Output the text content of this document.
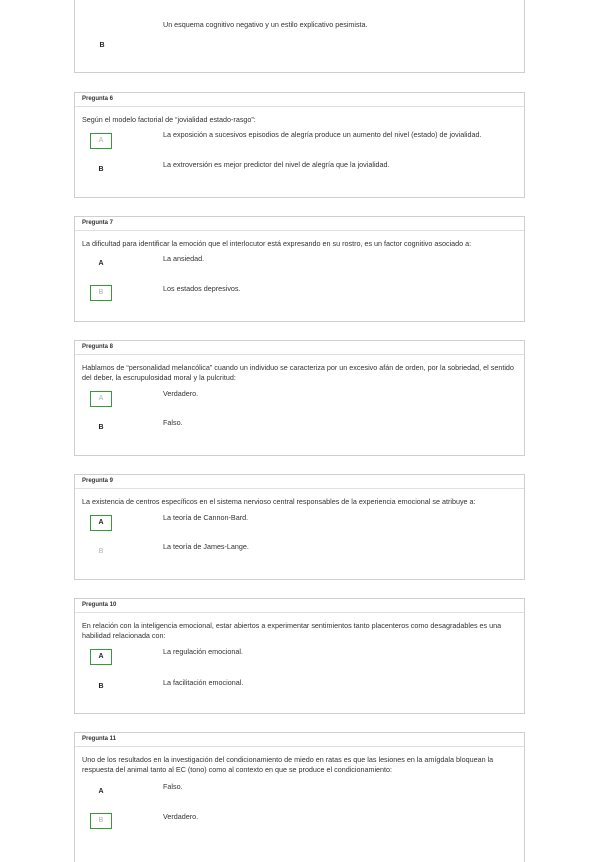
Un esquema cognitivo negativo y un estilo explicativo pesimista.
B
Pregunta 6
Según el modelo factorial de “jovialidad estado-rasgo”:
A
La exposición a sucesivos episodios de alegría produce un aumento del nivel (estado) de jovialidad.
B
La extroversión es mejor predictor del nivel de alegría que la jovialidad.
Pregunta 7
La dificultad para identificar la emoción que el interlocutor está expresando en su rostro, es un factor cognitivo asociado a:
A
La ansiedad.
B	Los estados depresivos.
Pregunta 8
Hablamos de “personalidad melancólica” cuando un individuo se caracteriza por un excesivo afán de orden, por la sobriedad, el sentido del deber, la escrupulosidad moral y la pulcritud:
A
Verdadero.
B
Falso.
Pregunta 9
La existencia de centros específicos en el sistema nervioso central responsables de la experiencia emocional se atribuye a:
A
La teoría de Cannon-Bard.
B
La teoría de James-Lange.
Pregunta 10
En relación con la inteligencia emocional, estar abiertos a experimentar sentimientos tanto placenteros como desagradables es una habilidad relacionada con:
A
La regulación emocional.
B	La facilitación emocional.
Pregunta 11
Uno de los resultados en la investigación del condicionamiento de miedo en ratas es que las lesiones en la amígdala bloquean la respuesta del animal tanto al EC (tono) como al contexto en que se produce el condicionamiento:
A
Falso.
B	Verdadero.
